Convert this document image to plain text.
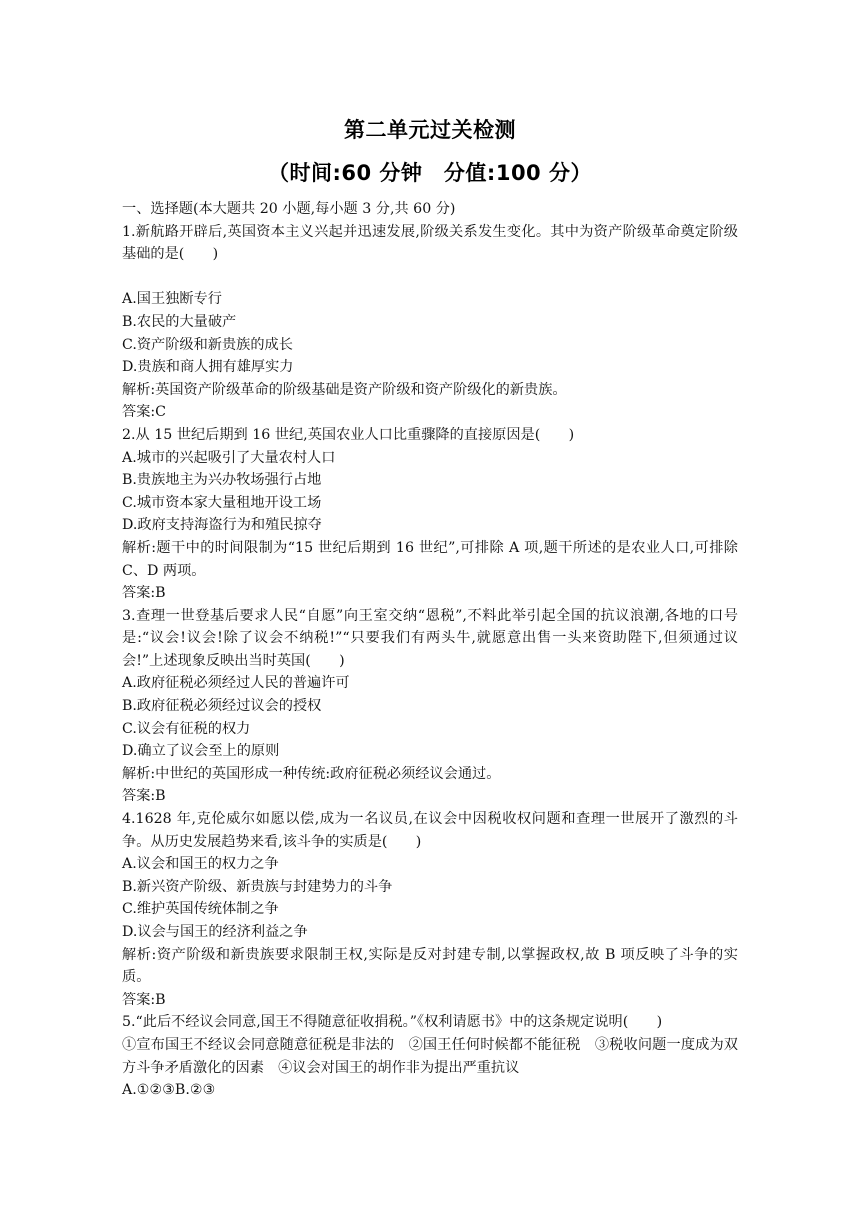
第二单元过关检测
（时间:60 分钟　分值:100 分）
一、选择题(本大题共 20 小题,每小题 3 分,共 60 分)
1.新航路开辟后,英国资本主义兴起并迅速发展,阶级关系发生变化。其中为资产阶级革命奠定阶级基础的是(　　)
A.国王独断专行
B.农民的大量破产
C.资产阶级和新贵族的成长
D.贵族和商人拥有雄厚实力
解析:英国资产阶级革命的阶级基础是资产阶级和资产阶级化的新贵族。
答案:C
2.从 15 世纪后期到 16 世纪,英国农业人口比重骤降的直接原因是(　　)
A.城市的兴起吸引了大量农村人口
B.贵族地主为兴办牧场强行占地
C.城市资本家大量租地开设工场
D.政府支持海盗行为和殖民掠夺
解析:题干中的时间限制为“15 世纪后期到 16 世纪”,可排除 A 项,题干所述的是农业人口,可排除 C、D 两项。
答案:B
3.查理一世登基后要求人民“自愿”向王室交纳“恩税”,不料此举引起全国的抗议浪潮,各地的口号是:“议会!议会!除了议会不纳税!”“只要我们有两头牛,就愿意出售一头来资助陛下,但须通过议会!”上述现象反映出当时英国(　　)
A.政府征税必须经过人民的普遍许可
B.政府征税必须经过议会的授权
C.议会有征税的权力
D.确立了议会至上的原则
解析:中世纪的英国形成一种传统:政府征税必须经议会通过。
答案:B
4.1628 年,克伦威尔如愿以偿,成为一名议员,在议会中因税收权问题和查理一世展开了激烈的斗争。从历史发展趋势来看,该斗争的实质是(　　)
A.议会和国王的权力之争
B.新兴资产阶级、新贵族与封建势力的斗争
C.维护英国传统体制之争
D.议会与国王的经济利益之争
解析:资产阶级和新贵族要求限制王权,实际是反对封建专制,以掌握政权,故 B 项反映了斗争的实质。
答案:B
5.“此后不经议会同意,国王不得随意征收捐税。”《权利请愿书》中的这条规定说明(　　)
①宣布国王不经议会同意随意征税是非法的　②国王任何时候都不能征税　③税收问题一度成为双方斗争矛盾激化的因素　④议会对国王的胡作非为提出严重抗议
A.①②③B.②③
